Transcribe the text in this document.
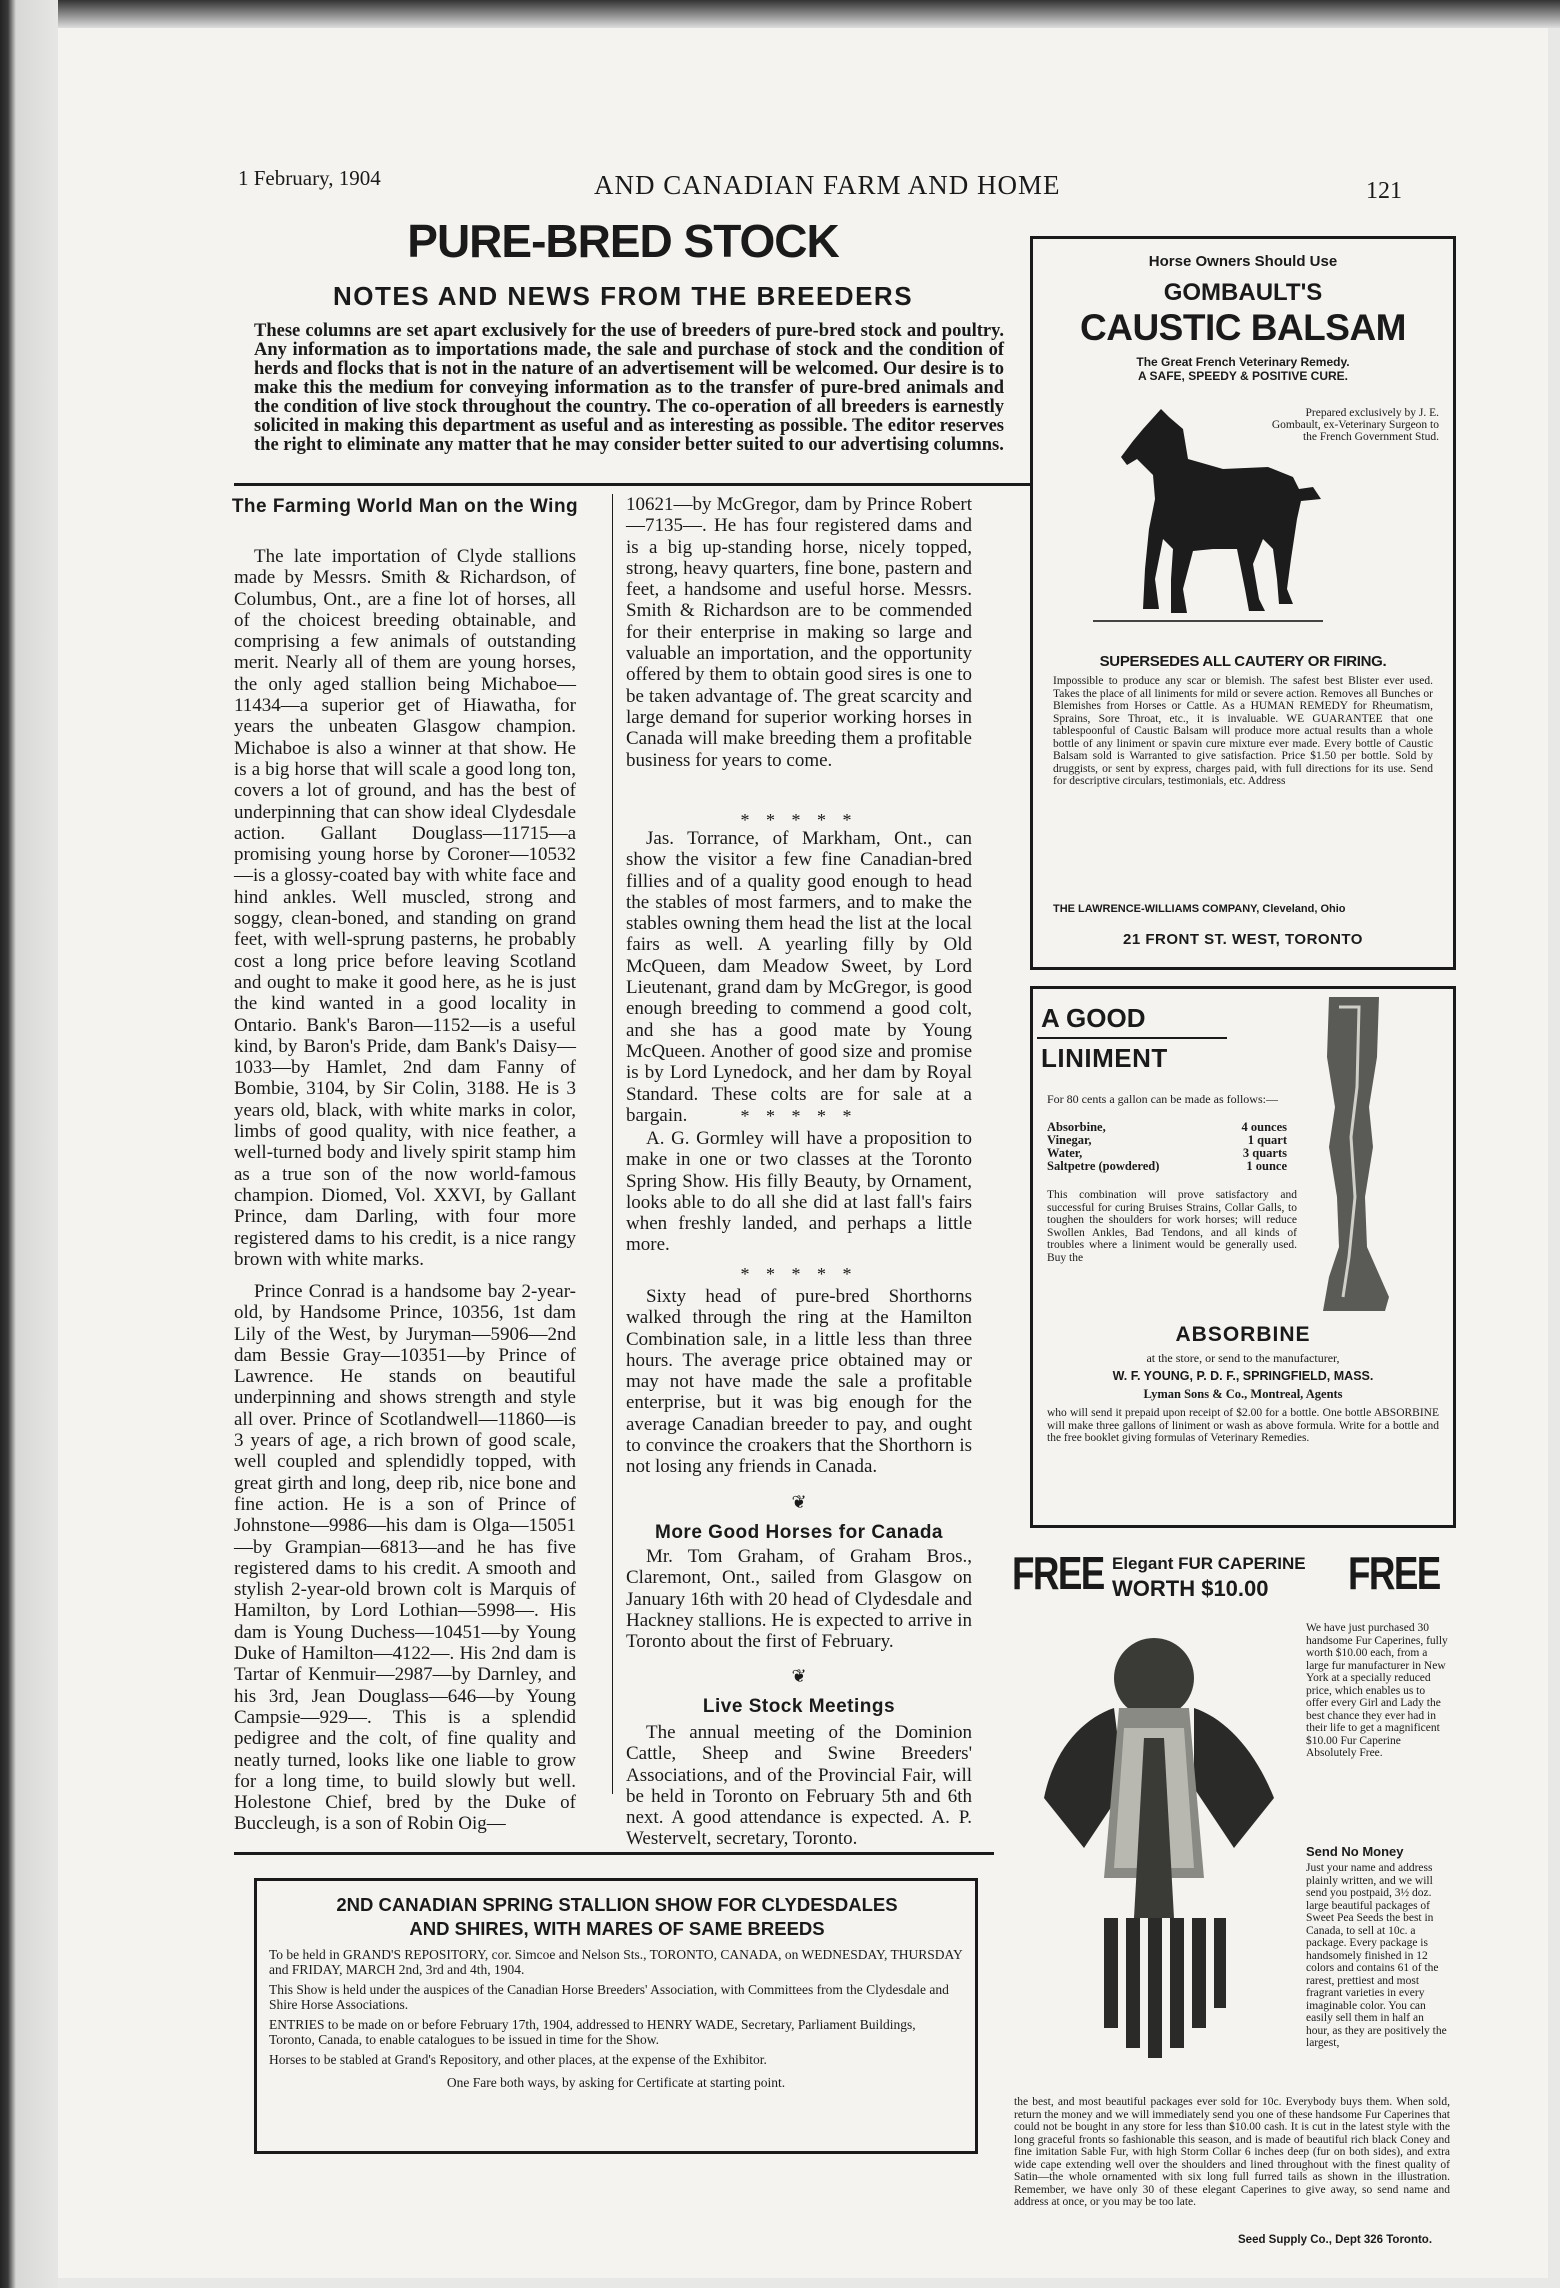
1 February, 1904	AND CANADIAN FARM AND HOME	121
PURE-BRED STOCK
NOTES AND NEWS FROM THE BREEDERS
These columns are set apart exclusively for the use of breeders of pure-bred stock and poultry. Any information as to importations made, the sale and purchase of stock and the condition of herds and flocks that is not in the nature of an advertisement will be welcomed. Our desire is to make this the medium for conveying information as to the transfer of pure-bred animals and the condition of live stock throughout the country. The co-operation of all breeders is earnestly solicited in making this department as useful and as interesting as possible. The editor reserves the right to eliminate any matter that he may consider better suited to our advertising columns.
The Farming World Man on the Wing
The late importation of Clyde stallions made by Messrs. Smith & Richardson, of Columbus, Ont., are a fine lot of horses, all of the choicest breeding obtainable, and comprising a few animals of outstanding merit. Nearly all of them are young horses, the only aged stallion being Michaboe—11434—a superior get of Hiawatha, for years the unbeaten Glasgow champion. Michaboe is also a winner at that show. He is a big horse that will scale a good long ton, covers a lot of ground, and has the best of underpinning that can show ideal Clydesdale action. Gallant Douglass—11715—a promising young horse by Coroner—10532—is a glossy-coated bay with white face and hind ankles. Well muscled, strong and soggy, clean-boned, and standing on grand feet, with well-sprung pasterns, he probably cost a long price before leaving Scotland and ought to make it good here, as he is just the kind wanted in a good locality in Ontario. Bank's Baron—1152—is a useful kind, by Baron's Pride, dam Bank's Daisy—1033—by Hamlet, 2nd dam Fanny of Bombie, 3104, by Sir Colin, 3188. He is 3 years old, black, with white marks in color, limbs of good quality, with nice feather, a well-turned body and lively spirit stamp him as a true son of the now world-famous champion. Diomed, Vol. XXVI, by Gallant Prince, dam Darling, with four more registered dams to his credit, is a nice rangy brown with white marks.
Prince Conrad is a handsome bay 2-year-old, by Handsome Prince, 10356, 1st dam Lily of the West, by Juryman—5906—2nd dam Bessie Gray—10351—by Prince of Lawrence. He stands on beautiful underpinning and shows strength and style all over. Prince of Scotlandwell—11860—is 3 years of age, a rich brown of good scale, well coupled and splendidly topped, with great girth and long, deep rib, nice bone and fine action. He is a son of Prince of Johnstone—9986—his dam is Olga—15051—by Grampian—6813—and he has five registered dams to his credit. A smooth and stylish 2-year-old brown colt is Marquis of Hamilton, by Lord Lothian—5998—. His dam is Young Duchess—10451—by Young Duke of Hamilton—4122—. His 2nd dam is Tartar of Kenmuir—2987—by Darnley, and his 3rd, Jean Douglass—646—by Young Campsie—929—. This is a splendid pedigree and the colt, of fine quality and neatly turned, looks like one liable to grow for a long time, to build slowly but well. Holestone Chief, bred by the Duke of Buccleugh, is a son of Robin Oig—
10621—by McGregor, dam by Prince Robert—7135—. He has four registered dams and is a big up-standing horse, nicely topped, strong, heavy quarters, fine bone, pastern and feet, a handsome and useful horse. Messrs. Smith & Richardson are to be commended for their enterprise in making so large and valuable an importation, and the opportunity offered by them to obtain good sires is one to be taken advantage of. The great scarcity and large demand for superior working horses in Canada will make breeding them a profitable business for years to come.
* * * * *
Jas. Torrance, of Markham, Ont., can show the visitor a few fine Canadian-bred fillies and of a quality good enough to head the stables of most farmers, and to make the stables owning them head the list at the local fairs as well. A yearling filly by Old McQueen, dam Meadow Sweet, by Lord Lieutenant, grand dam by McGregor, is good enough breeding to commend a good colt, and she has a good mate by Young McQueen. Another of good size and promise is by Lord Lynedock, and her dam by Royal Standard. These colts are for sale at a bargain.	* * * * *
A. G. Gormley will have a proposition to make in one or two classes at the Toronto Spring Show. His filly Beauty, by Ornament, looks able to do all she did at last fall's fairs when freshly landed, and perhaps a little more.
* * * * *
Sixty head of pure-bred Shorthorns walked through the ring at the Hamilton Combination sale, in a little less than three hours. The average price obtained may or may not have made the sale a profitable enterprise, but it was big enough for the average Canadian breeder to pay, and ought to convince the croakers that the Shorthorn is not losing any friends in Canada.
❦
More Good Horses for Canada
Mr. Tom Graham, of Graham Bros., Claremont, Ont., sailed from Glasgow on January 16th with 20 head of Clydesdale and Hackney stallions. He is expected to arrive in Toronto about the first of February.
❦
Live Stock Meetings
The annual meeting of the Dominion Cattle, Sheep and Swine Breeders' Associations, and of the Provincial Fair, will be held in Toronto on February 5th and 6th next. A good attendance is expected. A. P. Westervelt, secretary, Toronto.
2ND CANADIAN SPRING STALLION SHOW FOR CLYDESDALES AND SHIRES, WITH MARES OF SAME BREEDS
To be held in GRAND'S REPOSITORY, cor. Simcoe and Nelson Sts., TORONTO, CANADA, on WEDNESDAY, THURSDAY and FRIDAY, MARCH 2nd, 3rd and 4th, 1904.
This Show is held under the auspices of the Canadian Horse Breeders' Association, with Committees from the Clydesdale and Shire Horse Associations.
ENTRIES to be made on or before February 17th, 1904, addressed to HENRY WADE, Secretary, Parliament Buildings, Toronto, Canada, to enable catalogues to be issued in time for the Show.
Horses to be stabled at Grand's Repository, and other places, at the expense of the Exhibitor.
One Fare both ways, by asking for Certificate at starting point.
Horse Owners Should Use
GOMBAULT'S
CAUSTIC BALSAM
The Great French Veterinary Remedy.
A SAFE, SPEEDY & POSITIVE CURE.
Prepared exclusively by J. E. Gombault, ex-Veterinary Surgeon to the French Government Stud.
SUPERSEDES ALL CAUTERY OR FIRING.
Impossible to produce any scar or blemish. The safest best Blister ever used. Takes the place of all liniments for mild or severe action. Removes all Bunches or Blemishes from Horses or Cattle. As a HUMAN REMEDY for Rheumatism, Sprains, Sore Throat, etc., it is invaluable. WE GUARANTEE that one tablespoonful of Caustic Balsam will produce more actual results than a whole bottle of any liniment or spavin cure mixture ever made. Every bottle of Caustic Balsam sold is Warranted to give satisfaction. Price $1.50 per bottle. Sold by druggists, or sent by express, charges paid, with full directions for its use. Send for descriptive circulars, testimonials, etc. Address
THE LAWRENCE-WILLIAMS COMPANY, Cleveland, Ohio
21 FRONT ST. WEST, TORONTO
A GOOD
LINIMENT
For 80 cents a gallon can be made as follows:—
Absorbine,	4 ounces
Vinegar,	1 quart
Water,	3 quarts
Saltpetre (powdered)	1 ounce
This combination will prove satisfactory and successful for curing Bruises Strains, Collar Galls, to toughen the shoulders for work horses; will reduce Swollen Ankles, Bad Tendons, and all kinds of troubles where a liniment would be generally used. Buy the
ABSORBINE
at the store, or send to the manufacturer,
W. F. YOUNG, P. D. F., SPRINGFIELD, MASS.
Lyman Sons & Co., Montreal, Agents
who will send it prepaid upon receipt of $2.00 for a bottle. One bottle ABSORBINE will make three gallons of liniment or wash as above formula. Write for a bottle and the free booklet giving formulas of Veterinary Remedies.
FREE	FREE
Elegant FUR CAPERINE
WORTH $10.00
We have just purchased 30 handsome Fur Caperines, fully worth $10.00 each, from a large fur manufacturer in New York at a specially reduced price, which enables us to offer every Girl and Lady the best chance they ever had in their life to get a magnificent $10.00 Fur Caperine Absolutely Free.
Send No Money
Just your name and address plainly written, and we will send you postpaid, 3½ doz. large beautiful packages of Sweet Pea Seeds the best in Canada, to sell at 10c. a package. Every package is handsomely finished in 12 colors and contains 61 of the rarest, prettiest and most fragrant varieties in every imaginable color. You can easily sell them in half an hour, as they are positively the largest,
the best, and most beautiful packages ever sold for 10c. Everybody buys them. When sold, return the money and we will immediately send you one of these handsome Fur Caperines that could not be bought in any store for less than $10.00 cash. It is cut in the latest style with the long graceful fronts so fashionable this season, and is made of beautiful rich black Coney and fine imitation Sable Fur, with high Storm Collar 6 inches deep (fur on both sides), and extra wide cape extending well over the shoulders and lined throughout with the finest quality of Satin—the whole ornamented with six long full furred tails as shown in the illustration. Remember, we have only 30 of these elegant Caperines to give away, so send name and address at once, or you may be too late.
Seed Supply Co., Dept 326 Toronto.
